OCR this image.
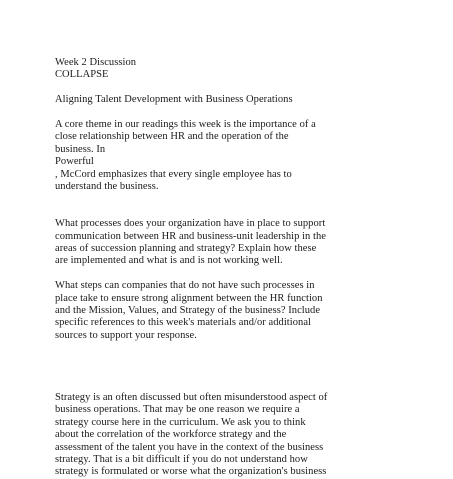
Week 2 Discussion
COLLAPSE
Aligning Talent Development with Business Operations
A core theme in our readings this week is the importance of a
close relationship between HR and the operation of the
business. In
Powerful
, McCord emphasizes that every single employee has to
understand the business.
What processes does your organization have in place to support
communication between HR and business-unit leadership in the
areas of succession planning and strategy? Explain how these
are implemented and what is and is not working well.
What steps can companies that do not have such processes in
place take to ensure strong alignment between the HR function
and the Mission, Values, and Strategy of the business? Include
specific references to this week's materials and/or additional
sources to support your response.
Strategy is an often discussed but often misunderstood aspect of
business operations. That may be one reason we require a
strategy course here in the curriculum. We ask you to think
about the correlation of the workforce strategy and the
assessment of the talent you have in the context of the business
strategy. That is a bit difficult if you do not understand how
strategy is formulated or worse what the organization's business
